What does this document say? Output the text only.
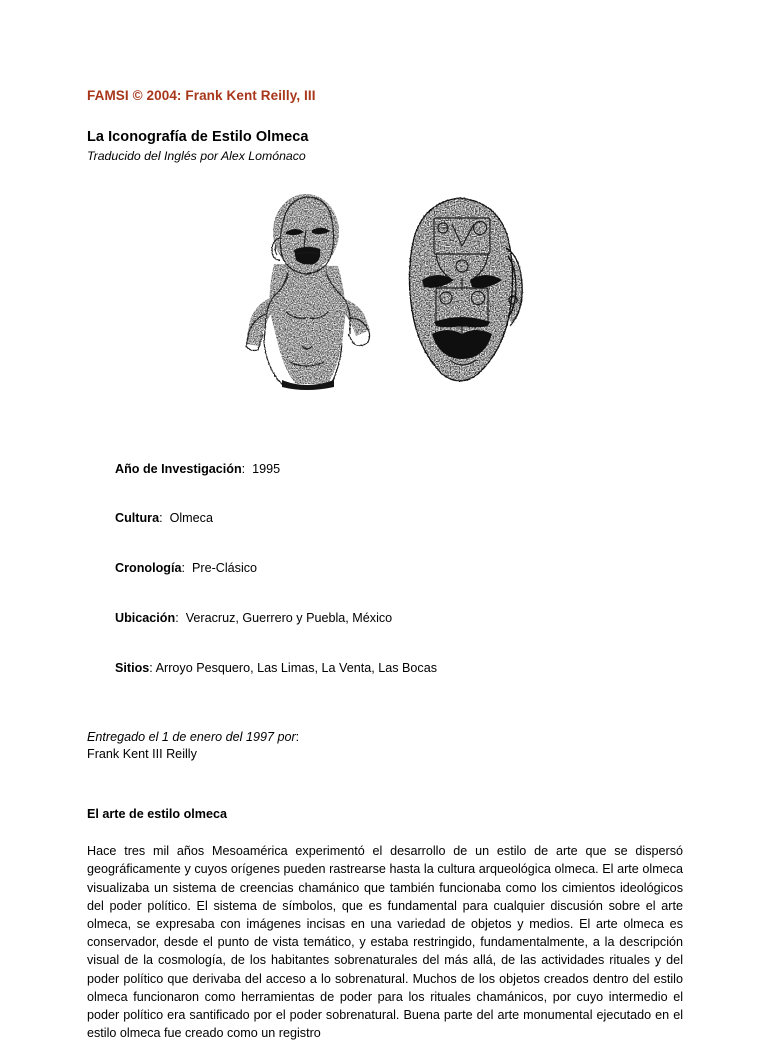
FAMSI © 2004: Frank Kent Reilly, III
La Iconografía de Estilo Olmeca
Traducido del Inglés por Alex Lomónaco

Año de Investigación:  1995

Cultura:  Olmeca

Cronología:  Pre-Clásico

Ubicación:  Veracruz, Guerrero y Puebla, México

Sitios: Arroyo Pesquero, Las Limas, La Venta, Las Bocas

Entregado el 1 de enero del 1997 por:
Frank Kent III Reilly
El arte de estilo olmeca
Hace tres mil años Mesoamérica experimentó el desarrollo de un estilo de arte que se dispersó geográficamente y cuyos orígenes pueden rastrearse hasta la cultura arqueológica olmeca. El arte olmeca visualizaba un sistema de creencias chamánico que también funcionaba como los cimientos ideológicos del poder político. El sistema de símbolos, que es fundamental para cualquier discusión sobre el arte olmeca, se expresaba con imágenes incisas en una variedad de objetos y medios. El arte olmeca es conservador, desde el punto de vista temático, y estaba restringido, fundamentalmente, a la descripción visual de la cosmología, de los habitantes sobrenaturales del más allá, de las actividades rituales y del poder político que derivaba del acceso a lo sobrenatural. Muchos de los objetos creados dentro del estilo olmeca funcionaron como herramientas de poder para los rituales chamánicos, por cuyo intermedio el poder político era santificado por el poder sobrenatural. Buena parte del arte monumental ejecutado en el estilo olmeca fue creado como un registro
